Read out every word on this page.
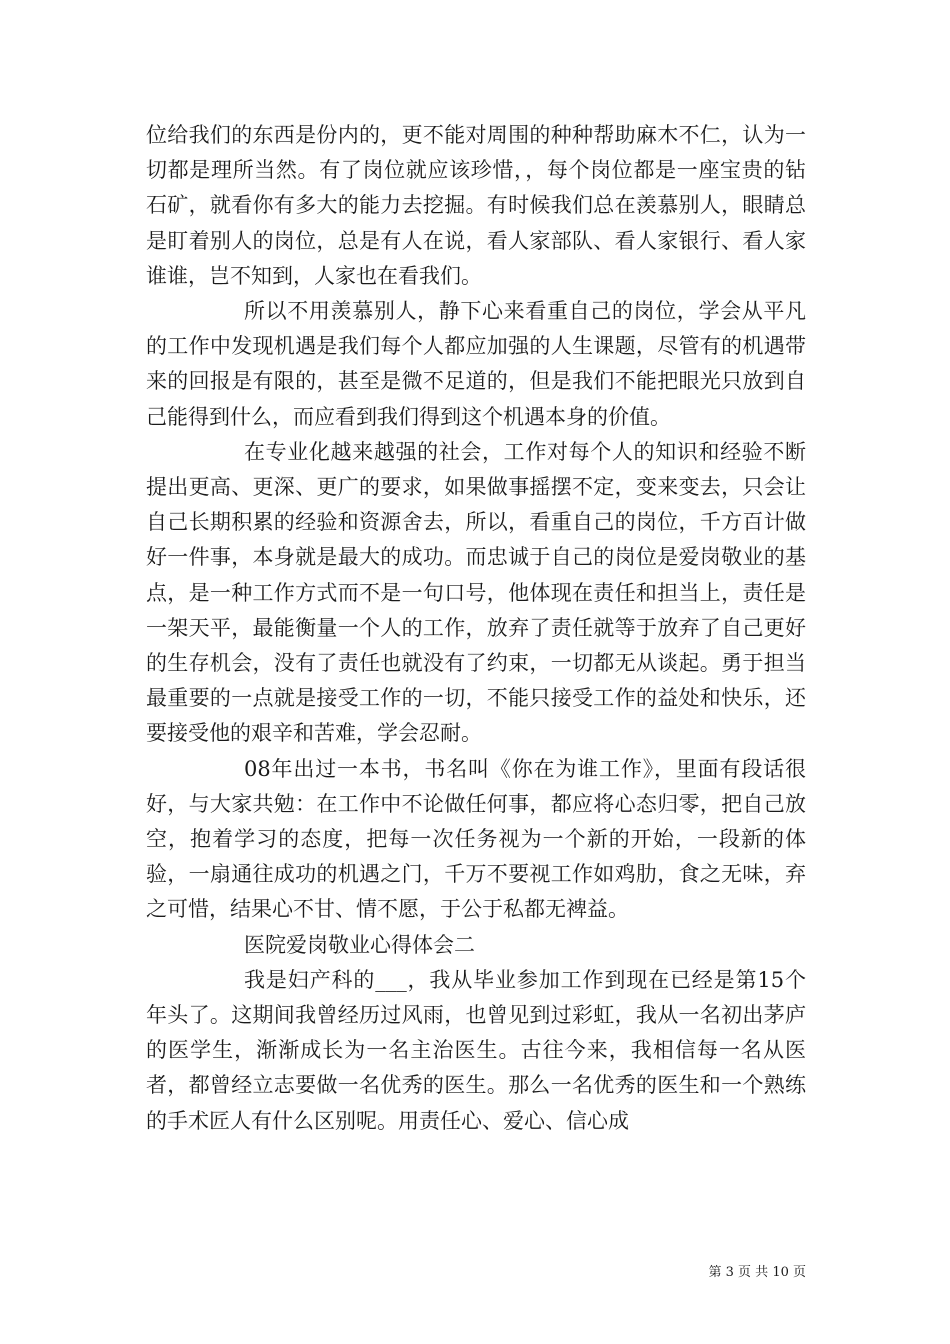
位给我们的东西是份内的，更不能对周围的种种帮助麻木不仁，认为一切都是理所当然。有了岗位就应该珍惜，，每个岗位都是一座宝贵的钻石矿，就看你有多大的能力去挖掘。有时候我们总在羡慕别人，眼睛总是盯着别人的岗位，总是有人在说，看人家部队、看人家银行、看人家谁谁，岂不知到，人家也在看我们。

所以不用羡慕别人，静下心来看重自己的岗位，学会从平凡的工作中发现机遇是我们每个人都应加强的人生课题，尽管有的机遇带来的回报是有限的，甚至是微不足道的，但是我们不能把眼光只放到自己能得到什么，而应看到我们得到这个机遇本身的价值。

在专业化越来越强的社会，工作对每个人的知识和经验不断提出更高、更深、更广的要求，如果做事摇摆不定，变来变去，只会让自己长期积累的经验和资源舍去，所以，看重自己的岗位，千方百计做好一件事，本身就是最大的成功。而忠诚于自己的岗位是爱岗敬业的基点，是一种工作方式而不是一句口号，他体现在责任和担当上，责任是一架天平，最能衡量一个人的工作，放弃了责任就等于放弃了自己更好的生存机会，没有了责任也就没有了约束，一切都无从谈起。勇于担当最重要的一点就是接受工作的一切，不能只接受工作的益处和快乐，还要接受他的艰辛和苦难，学会忍耐。

08年出过一本书，书名叫《你在为谁工作》，里面有段话很好，与大家共勉：在工作中不论做任何事，都应将心态归零，把自己放空，抱着学习的态度，把每一次任务视为一个新的开始，一段新的体验，一扇通往成功的机遇之门，千万不要视工作如鸡肋，食之无味，弃之可惜，结果心不甘、情不愿，于公于私都无裨益。

医院爱岗敬业心得体会二

我是妇产科的___，我从毕业参加工作到现在已经是第15个年头了。这期间我曾经历过风雨，也曾见到过彩虹，我从一名初出茅庐的医学生，渐渐成长为一名主治医生。古往今来，我相信每一名从医者，都曾经立志要做一名优秀的医生。那么一名优秀的医生和一个熟练的手术匠人有什么区别呢。用责任心、爱心、信心成

第 3 页 共 10 页
